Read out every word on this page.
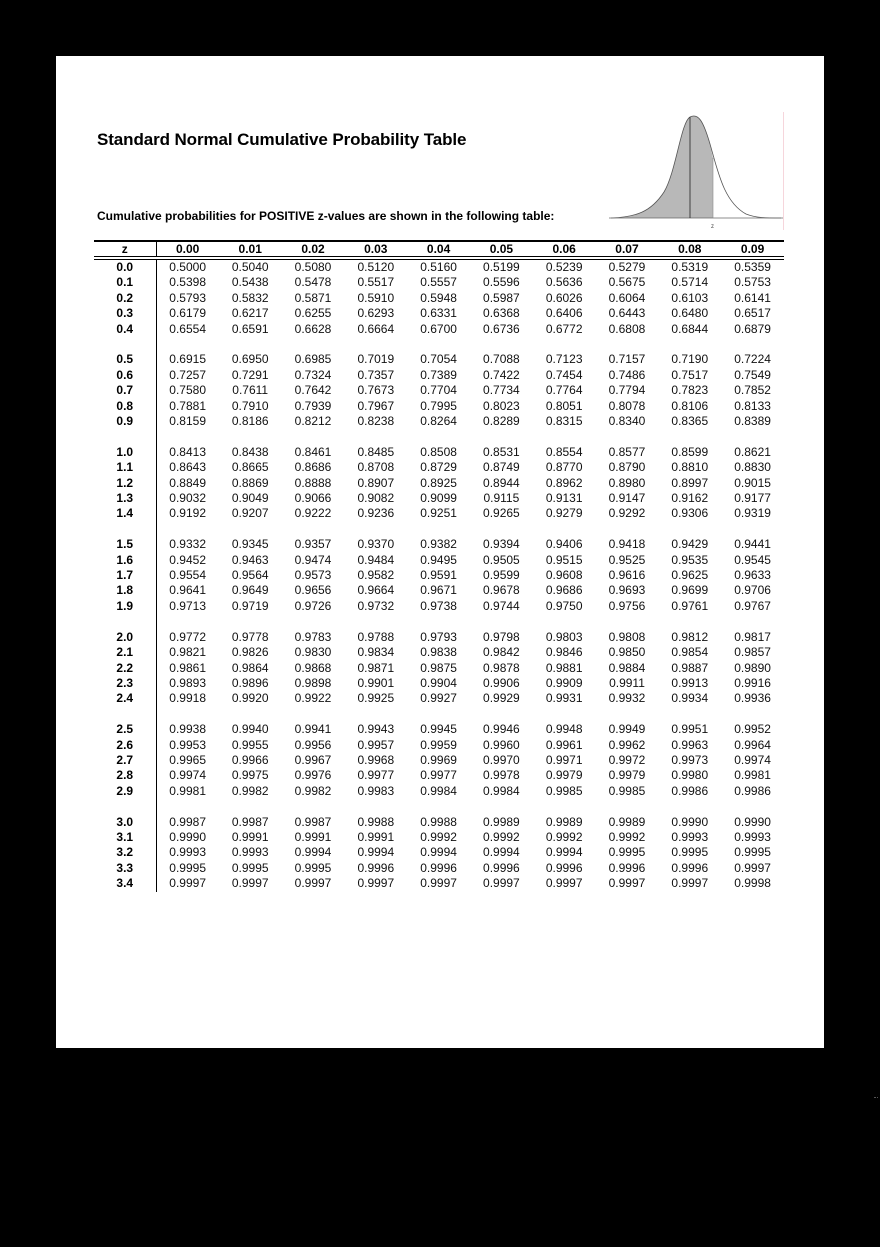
Standard Normal Cumulative Probability Table
Cumulative probabilities for POSITIVE z-values are shown in the following table:
z
z	0.00	0.01	0.02	0.03	0.04	0.05	0.06	0.07	0.08	0.09
0.0	0.5000	0.5040	0.5080	0.5120	0.5160	0.5199	0.5239	0.5279	0.5319	0.5359
0.1	0.5398	0.5438	0.5478	0.5517	0.5557	0.5596	0.5636	0.5675	0.5714	0.5753
0.2	0.5793	0.5832	0.5871	0.5910	0.5948	0.5987	0.6026	0.6064	0.6103	0.6141
0.3	0.6179	0.6217	0.6255	0.6293	0.6331	0.6368	0.6406	0.6443	0.6480	0.6517
0.4	0.6554	0.6591	0.6628	0.6664	0.6700	0.6736	0.6772	0.6808	0.6844	0.6879

0.5	0.6915	0.6950	0.6985	0.7019	0.7054	0.7088	0.7123	0.7157	0.7190	0.7224
0.6	0.7257	0.7291	0.7324	0.7357	0.7389	0.7422	0.7454	0.7486	0.7517	0.7549
0.7	0.7580	0.7611	0.7642	0.7673	0.7704	0.7734	0.7764	0.7794	0.7823	0.7852
0.8	0.7881	0.7910	0.7939	0.7967	0.7995	0.8023	0.8051	0.8078	0.8106	0.8133
0.9	0.8159	0.8186	0.8212	0.8238	0.8264	0.8289	0.8315	0.8340	0.8365	0.8389

1.0	0.8413	0.8438	0.8461	0.8485	0.8508	0.8531	0.8554	0.8577	0.8599	0.8621
1.1	0.8643	0.8665	0.8686	0.8708	0.8729	0.8749	0.8770	0.8790	0.8810	0.8830
1.2	0.8849	0.8869	0.8888	0.8907	0.8925	0.8944	0.8962	0.8980	0.8997	0.9015
1.3	0.9032	0.9049	0.9066	0.9082	0.9099	0.9115	0.9131	0.9147	0.9162	0.9177
1.4	0.9192	0.9207	0.9222	0.9236	0.9251	0.9265	0.9279	0.9292	0.9306	0.9319

1.5	0.9332	0.9345	0.9357	0.9370	0.9382	0.9394	0.9406	0.9418	0.9429	0.9441
1.6	0.9452	0.9463	0.9474	0.9484	0.9495	0.9505	0.9515	0.9525	0.9535	0.9545
1.7	0.9554	0.9564	0.9573	0.9582	0.9591	0.9599	0.9608	0.9616	0.9625	0.9633
1.8	0.9641	0.9649	0.9656	0.9664	0.9671	0.9678	0.9686	0.9693	0.9699	0.9706
1.9	0.9713	0.9719	0.9726	0.9732	0.9738	0.9744	0.9750	0.9756	0.9761	0.9767

2.0	0.9772	0.9778	0.9783	0.9788	0.9793	0.9798	0.9803	0.9808	0.9812	0.9817
2.1	0.9821	0.9826	0.9830	0.9834	0.9838	0.9842	0.9846	0.9850	0.9854	0.9857
2.2	0.9861	0.9864	0.9868	0.9871	0.9875	0.9878	0.9881	0.9884	0.9887	0.9890
2.3	0.9893	0.9896	0.9898	0.9901	0.9904	0.9906	0.9909	0.9911	0.9913	0.9916
2.4	0.9918	0.9920	0.9922	0.9925	0.9927	0.9929	0.9931	0.9932	0.9934	0.9936

2.5	0.9938	0.9940	0.9941	0.9943	0.9945	0.9946	0.9948	0.9949	0.9951	0.9952
2.6	0.9953	0.9955	0.9956	0.9957	0.9959	0.9960	0.9961	0.9962	0.9963	0.9964
2.7	0.9965	0.9966	0.9967	0.9968	0.9969	0.9970	0.9971	0.9972	0.9973	0.9974
2.8	0.9974	0.9975	0.9976	0.9977	0.9977	0.9978	0.9979	0.9979	0.9980	0.9981
2.9	0.9981	0.9982	0.9982	0.9983	0.9984	0.9984	0.9985	0.9985	0.9986	0.9986

3.0	0.9987	0.9987	0.9987	0.9988	0.9988	0.9989	0.9989	0.9989	0.9990	0.9990
3.1	0.9990	0.9991	0.9991	0.9991	0.9992	0.9992	0.9992	0.9992	0.9993	0.9993
3.2	0.9993	0.9993	0.9994	0.9994	0.9994	0.9994	0.9994	0.9995	0.9995	0.9995
3.3	0.9995	0.9995	0.9995	0.9996	0.9996	0.9996	0.9996	0.9996	0.9996	0.9997
3.4	0.9997	0.9997	0.9997	0.9997	0.9997	0.9997	0.9997	0.9997	0.9997	0.9998
